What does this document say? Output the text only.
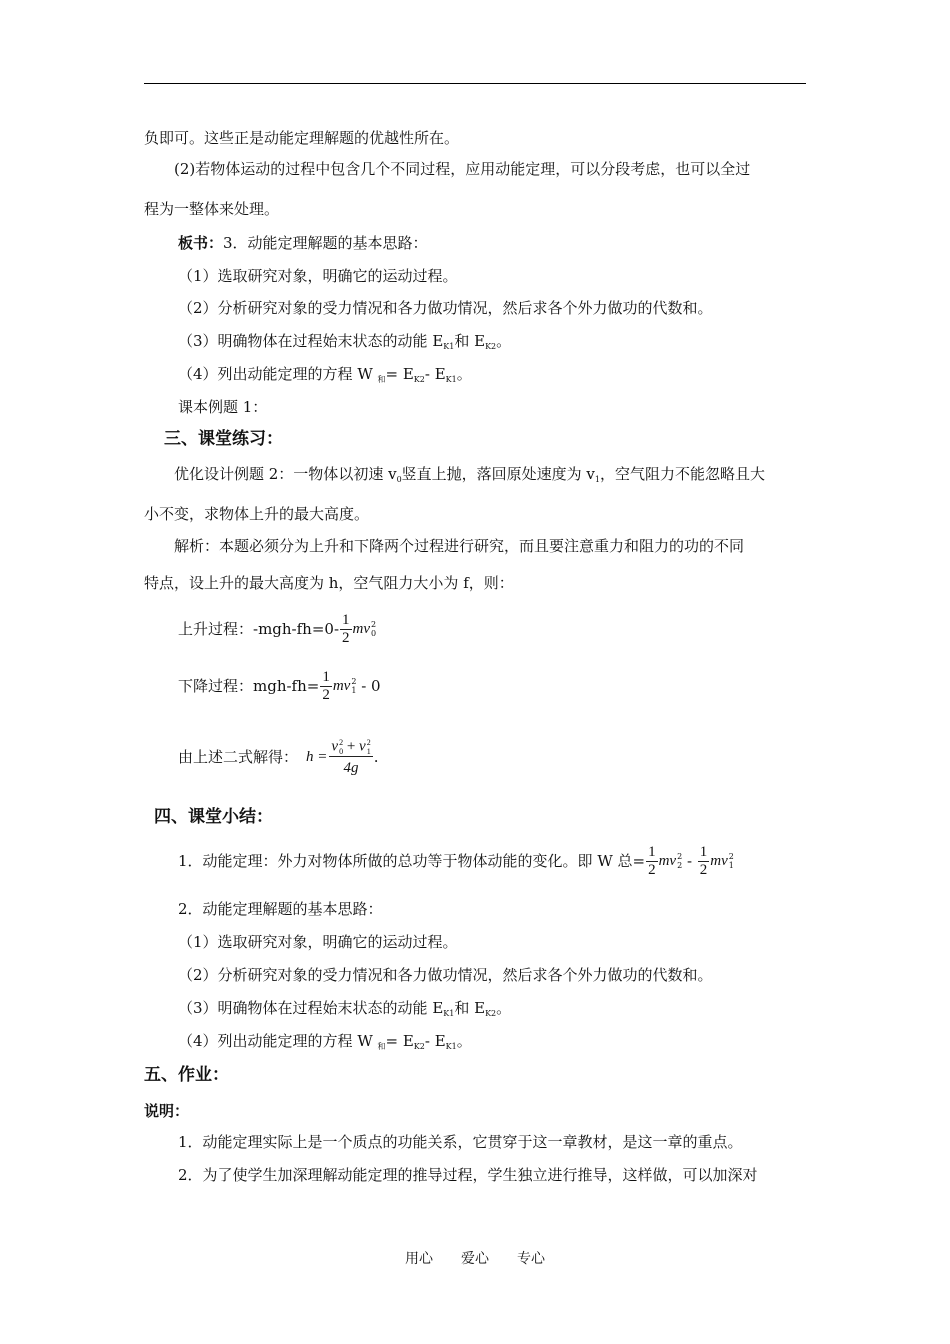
负即可。这些正是动能定理解题的优越性所在。
(2)若物体运动的过程中包含几个不同过程，应用动能定理，可以分段考虑，也可以全过
程为一整体来处理。
板书：3．动能定理解题的基本思路：
（1）选取研究对象，明确它的运动过程。
（2）分析研究对象的受力情况和各力做功情况，然后求各个外力做功的代数和。
（3）明确物体在过程始末状态的动能 $E_{K1}$和 $E_{K2}$。
（4）列出动能定理的方程 W $_和= E_{K2}-$ $E_{K1}$。
课本例题 1：
三、课堂练习：
优化设计例题 2：一物体以初速 $v_0$竖直上抛，落回原处速度为 $v_1$，空气阻力不能忽略且大
小不变，求物体上升的最大高度。
解析：本题必须分为上升和下降两个过程进行研究，而且要注意重力和阻力的功的不同
特点，设上升的最大高度为 h，空气阻力大小为 f，则：
上升过程：$-mgh-fh=0- \frac{1}{2}$ mv 2
0
下降过程：$mgh-fh= \frac{1}{2}$ mv 2
1 - 0
由上述二式解得： h = v 2
0 + v 2
1
4g .
四、课堂小结：
1．动能定理：外力对物体所做的总功等于物体动能的变化。即 W 总= $\frac{1}{2}$ mv 2
$2 - \frac{1}{2}$ mv 2
1
2．动能定理解题的基本思路：
（1）选取研究对象，明确它的运动过程。
（2）分析研究对象的受力情况和各力做功情况，然后求各个外力做功的代数和。
（3）明确物体在过程始末状态的动能 $E_{K1}$和 $E_{K2}$。
（4）列出动能定理的方程 W $_和= E_{K2}-$ $E_{K1}$。
五、作业：
说明：
1．动能定理实际上是一个质点的功能关系，它贯穿于这一章教材，是这一章的重点。
2．为了使学生加深理解动能定理的推导过程，学生独立进行推导，这样做，可以加深对
用心 爱心 专心
